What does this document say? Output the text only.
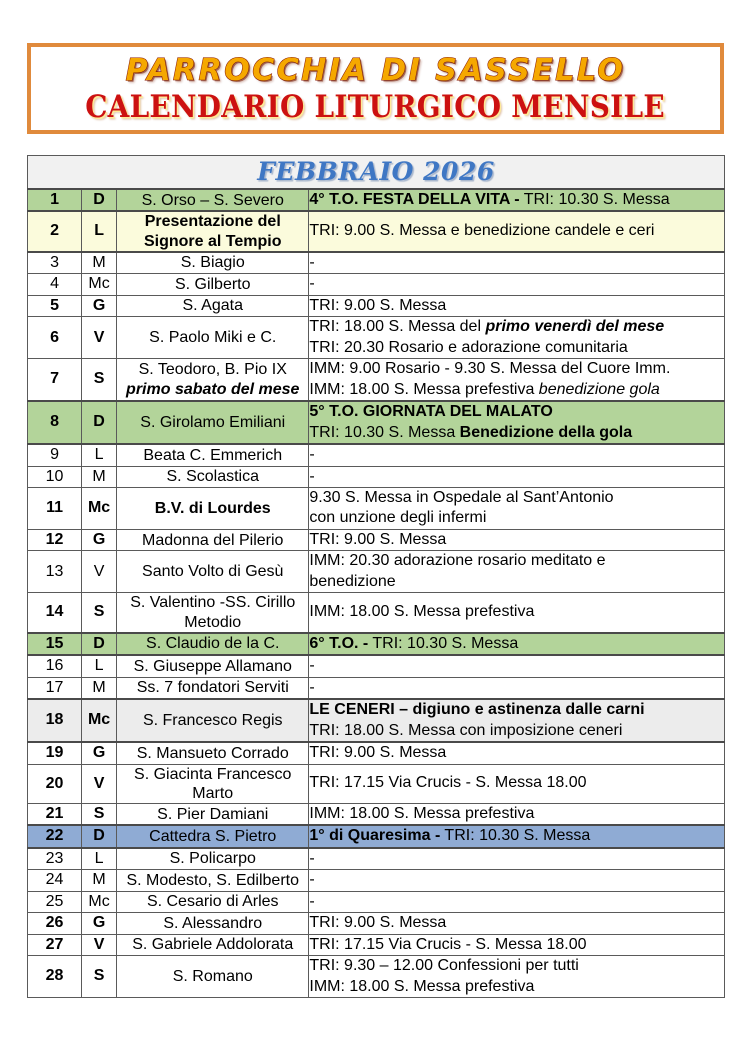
PARROCCHIA DI SASSELLO
CALENDARIO LITURGICO MENSILE
FEBBRAIO 2026			
1	D	S. Orso – S. Severo	4° T.O. FESTA DELLA VITA - TRI: 10.30 S. Messa

2	L	Presentazione del Signore al Tempio	TRI: 9.00 S. Messa e benedizione candele e ceri

3	M	S. Biagio	-

4	Mc	S. Gilberto	-

5	G	S. Agata	TRI: 9.00 S. Messa

6	V	S. Paolo Miki e C.	TRI: 18.00 S. Messa del primo venerdì del mese
TRI: 20.30 Rosario e adorazione comunitaria

7	S	S. Teodoro, B. Pio IX
primo sabato del mese	IMM: 9.00 Rosario - 9.30 S. Messa del Cuore Imm.
IMM: 18.00 S. Messa prefestiva benedizione gola

8	D	S. Girolamo Emiliani	5° T.O. GIORNATA DEL MALATO
TRI: 10.30 S. Messa Benedizione della gola

9	L	Beata C. Emmerich	-

10	M	S. Scolastica	-

11	Mc	B.V. di Lourdes	9.30 S. Messa in Ospedale al Sant’Antonio
con unzione degli infermi

12	G	Madonna del Pilerio	TRI: 9.00 S. Messa

13	V	Santo Volto di Gesù	IMM: 20.30 adorazione rosario meditato e
benedizione

14	S	S. Valentino -SS. Cirillo Metodio	IMM: 18.00 S. Messa prefestiva

15	D	S. Claudio de la C.	6° T.O. - TRI: 10.30 S. Messa

16	L	S. Giuseppe Allamano	-

17	M	Ss. 7 fondatori Serviti	-

18	Mc	S. Francesco Regis	LE CENERI – digiuno e astinenza dalle carni
TRI: 18.00 S. Messa con imposizione ceneri

19	G	S. Mansueto Corrado	TRI: 9.00 S. Messa

20	V	S. Giacinta Francesco Marto	TRI: 17.15 Via Crucis - S. Messa 18.00

21	S	S. Pier Damiani	IMM: 18.00 S. Messa prefestiva

22	D	Cattedra S. Pietro	1° di Quaresima - TRI: 10.30 S. Messa

23	L	S. Policarpo	-

24	M	S. Modesto, S. Edilberto	-

25	Mc	S. Cesario di Arles	-

26	G	S. Alessandro	TRI: 9.00 S. Messa

27	V	S. Gabriele Addolorata	TRI: 17.15 Via Crucis - S. Messa 18.00

28	S	S. Romano	TRI: 9.30 – 12.00 Confessioni per tutti
IMM: 18.00 S. Messa prefestiva
